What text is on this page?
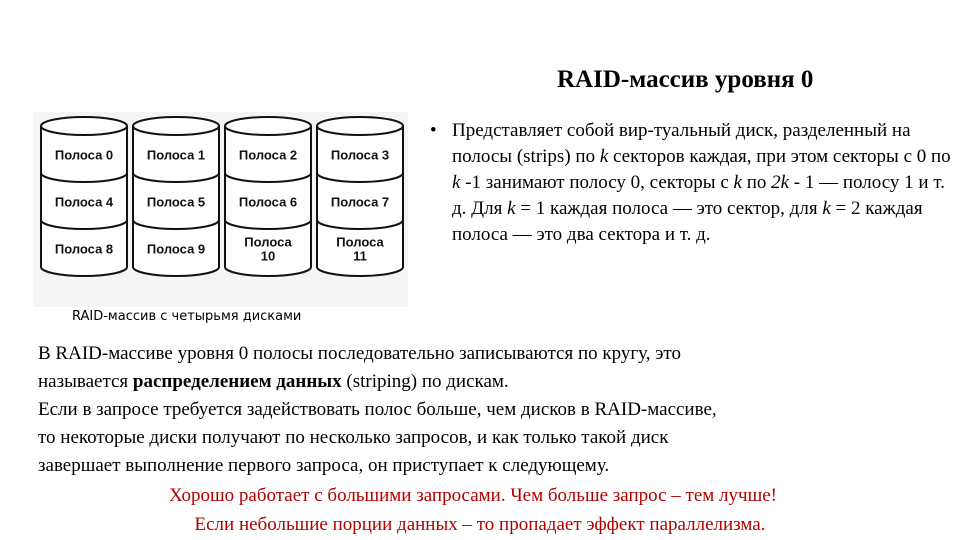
RAID-массив уровня 0
• Представляет собой вир-туальный диск, разделенный на полосы (strips) по k секторов каждая, при этом секторы с 0 по k -1 занимают полосу 0, секторы с k по 2k - 1 — полосу 1 и т. д. Для k = 1 каждая полоса — это сектор, для k = 2 каждая полоса — это два сектора и т. д.
Полоса 0
Полоса 4
Полоса 8
Полоса 1
Полоса 5
Полоса 9
Полоса 2
Полоса 6
Полоса 10
Полоса 3
Полоса 7
Полоса 11
RAID-массив с четырьмя дисками
В RAID-массиве уровня 0 полосы последовательно записываются по кругу, это
называется распределением данных (striping) по дискам.
Если в запросе требуется задействовать полос больше, чем дисков в RAID-массиве,
то некоторые диски получают по несколько запросов, и как только такой диск
завершает выполнение первого запроса, он приступает к следующему.
Хорошо работает с большими запросами. Чем больше запрос – тем лучше!
Если небольшие порции данных – то пропадает эффект параллелизма.
